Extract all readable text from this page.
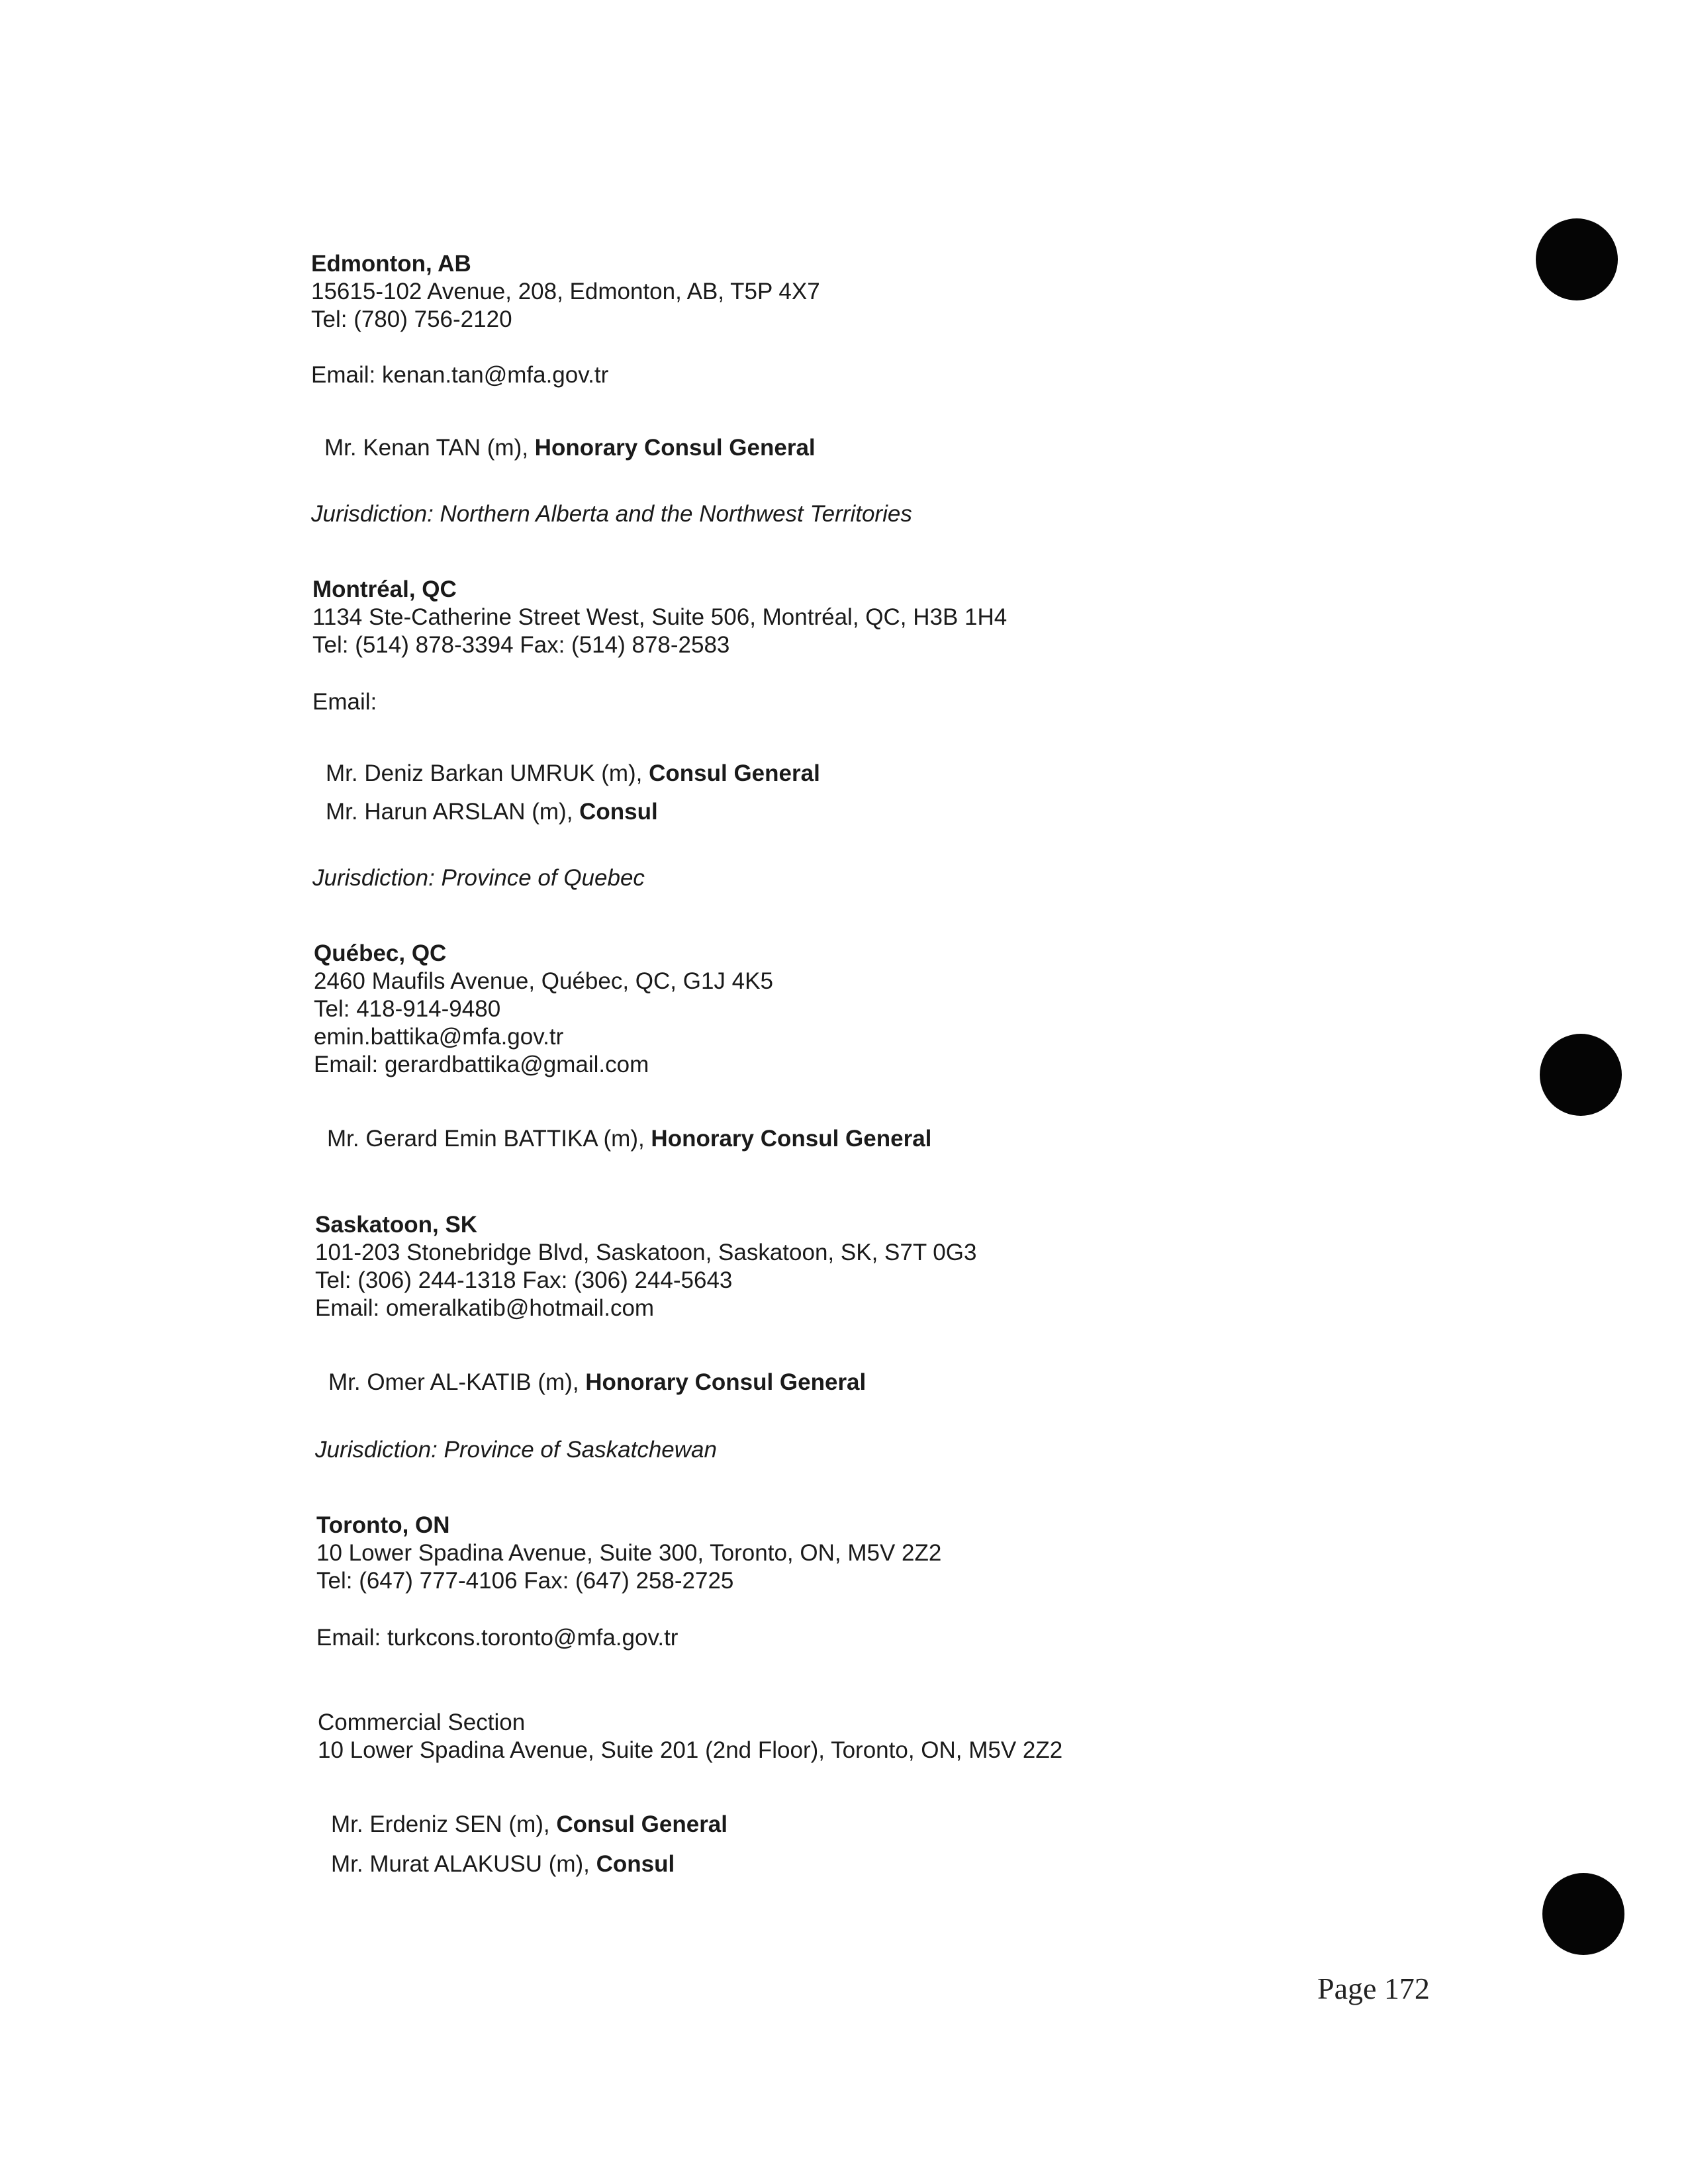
Edmonton, AB
15615-102 Avenue, 208, Edmonton, AB, T5P 4X7
Tel: (780) 756-2120
Email: kenan.tan@mfa.gov.tr
Mr. Kenan TAN (m), Honorary Consul General
Jurisdiction: Northern Alberta and the Northwest Territories
Montréal, QC
1134 Ste-Catherine Street West, Suite 506, Montréal, QC, H3B 1H4
Tel: (514) 878-3394 Fax: (514) 878-2583
Email:
Mr. Deniz Barkan UMRUK (m), Consul General
Mr. Harun ARSLAN (m), Consul
Jurisdiction: Province of Quebec
Québec, QC
2460 Maufils Avenue, Québec, QC, G1J 4K5
Tel: 418-914-9480
emin.battika@mfa.gov.tr
Email: gerardbattika@gmail.com
Mr. Gerard Emin BATTIKA (m), Honorary Consul General
Saskatoon, SK
101-203 Stonebridge Blvd, Saskatoon, Saskatoon, SK, S7T 0G3
Tel: (306) 244-1318 Fax: (306) 244-5643
Email: omeralkatib@hotmail.com
Mr. Omer AL-KATIB (m), Honorary Consul General
Jurisdiction: Province of Saskatchewan
Toronto, ON
10 Lower Spadina Avenue, Suite 300, Toronto, ON, M5V 2Z2
Tel: (647) 777-4106 Fax: (647) 258-2725
Email: turkcons.toronto@mfa.gov.tr
Commercial Section
10 Lower Spadina Avenue, Suite 201 (2nd Floor), Toronto, ON, M5V 2Z2
Mr. Erdeniz SEN (m), Consul General
Mr. Murat ALAKUSU (m), Consul
Page 172
